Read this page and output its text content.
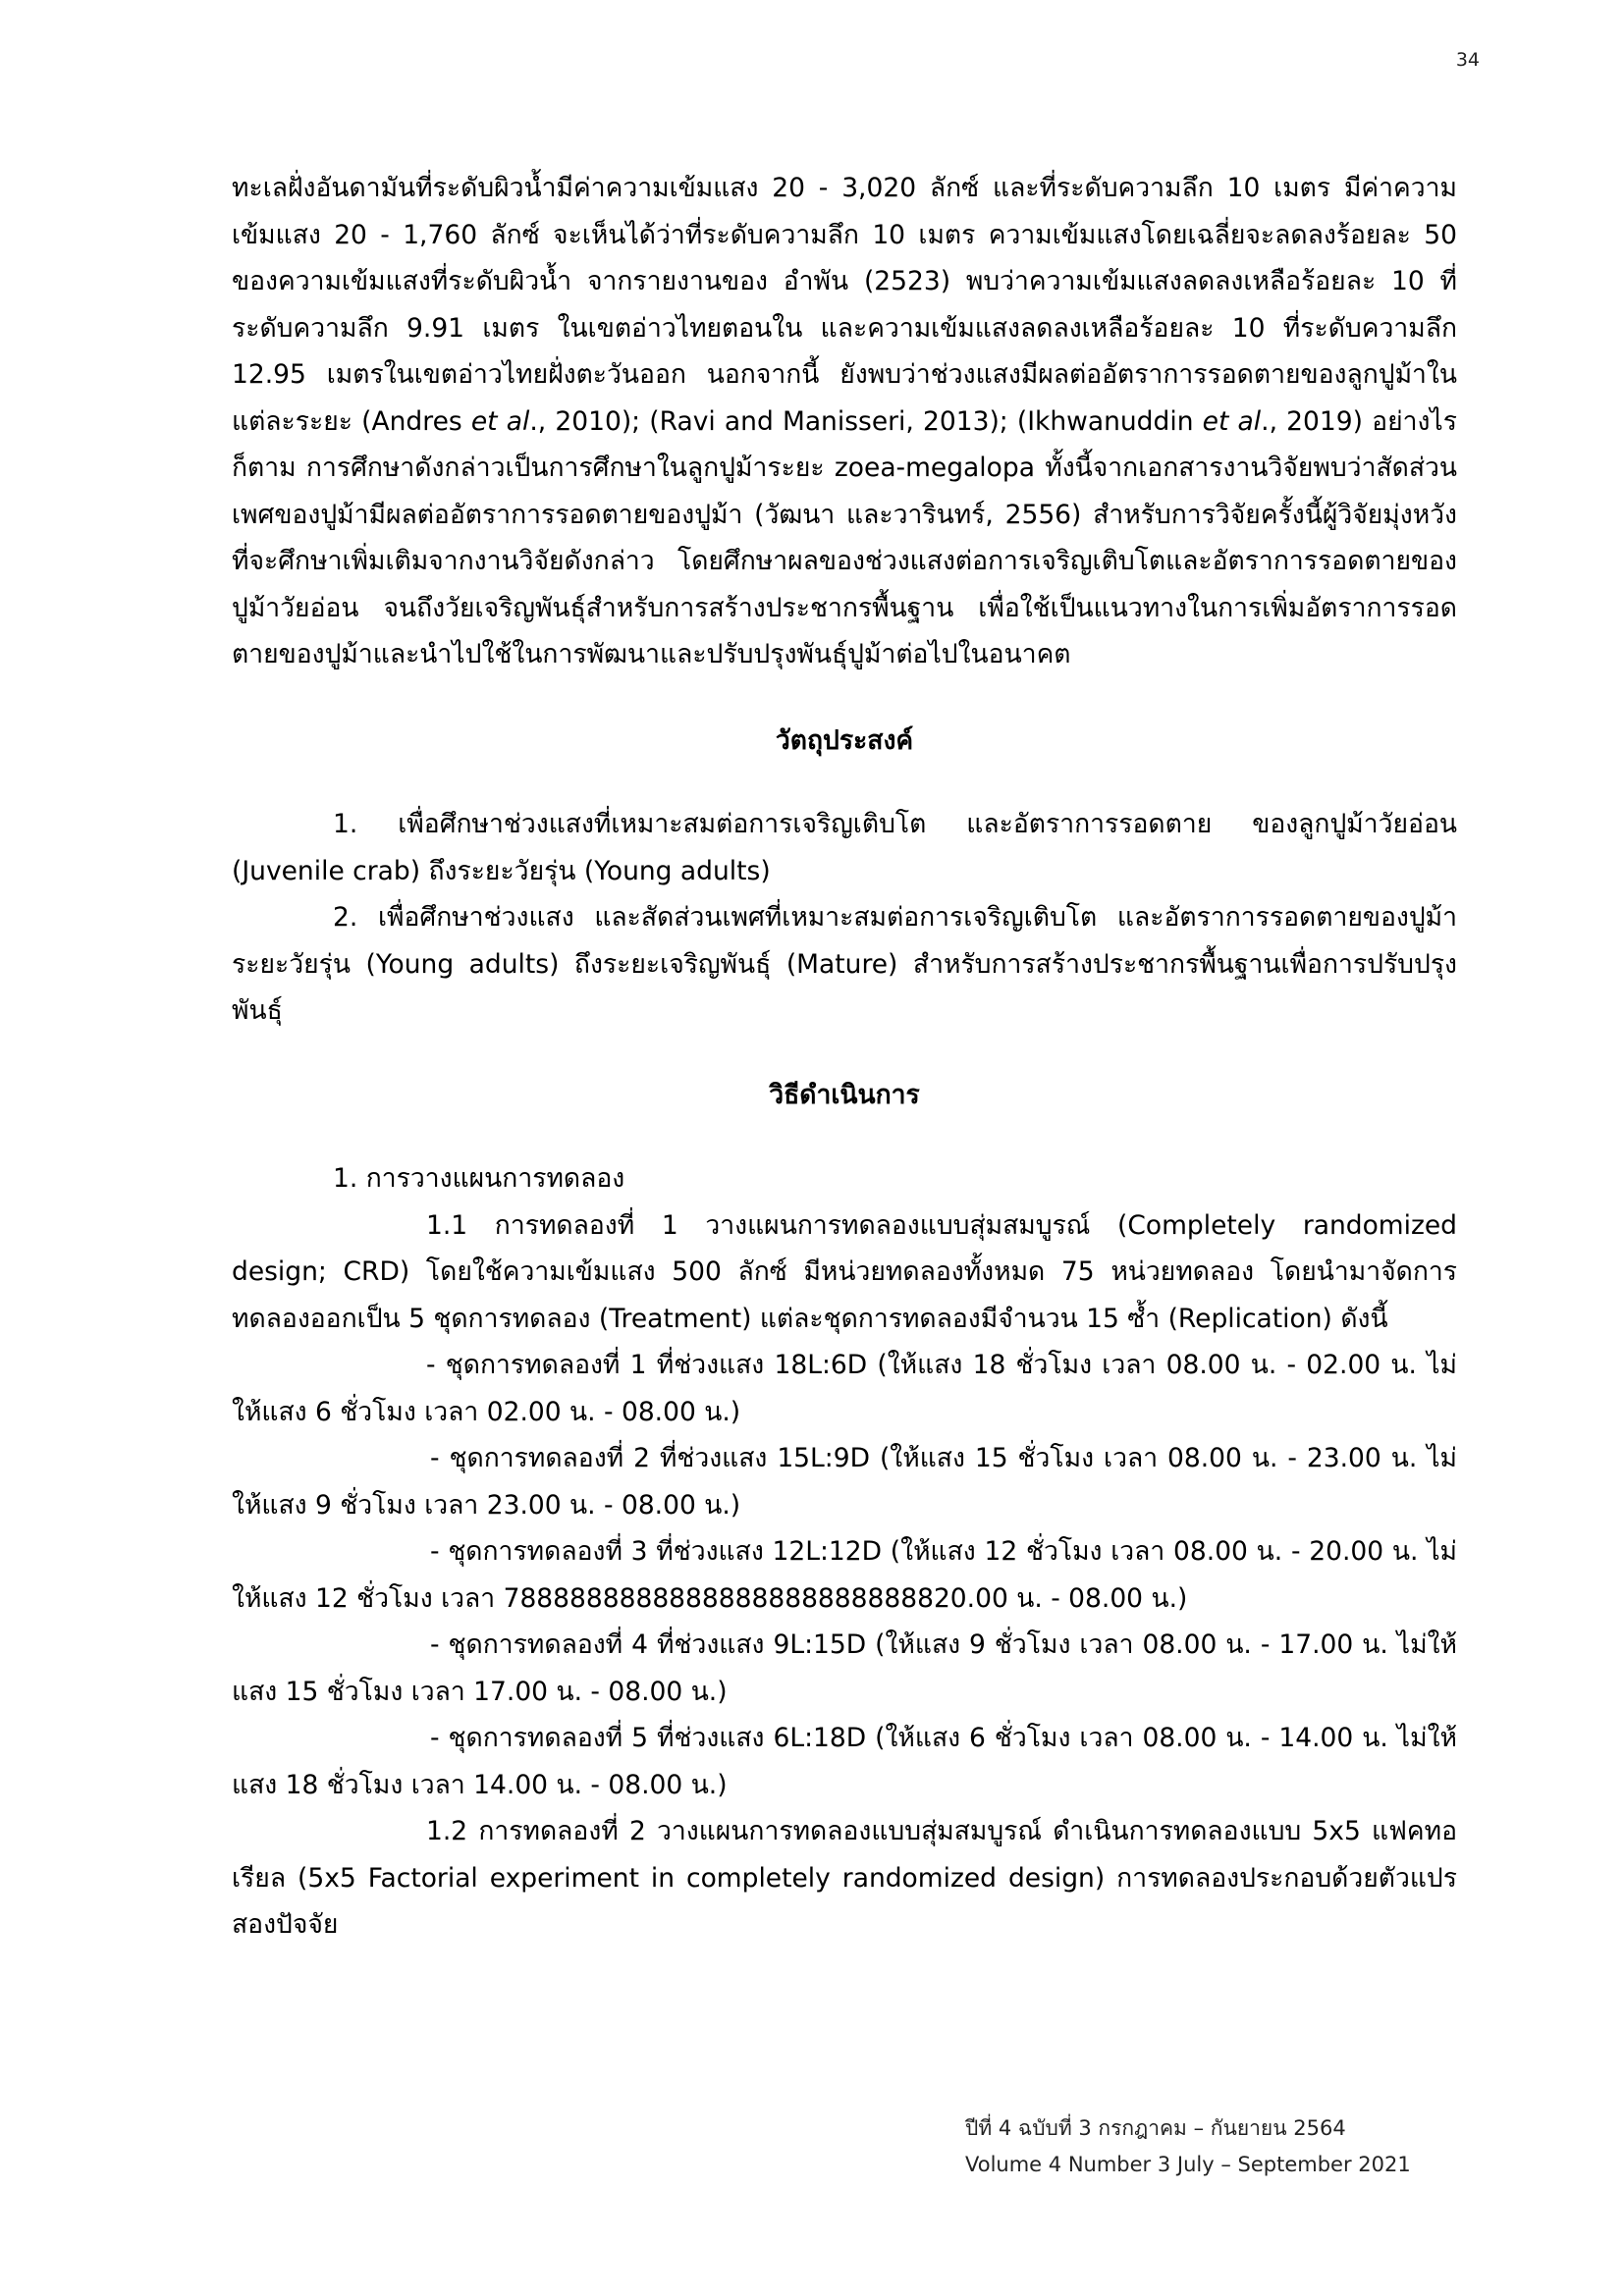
34

ทะเลฝั่งอันดามันที่ระดับผิวน้ำมีค่าความเข้มแสง 20 - 3,020 ลักซ์ และที่ระดับความลึก 10 เมตร มีค่าความเข้มแสง 20 - 1,760 ลักซ์ จะเห็นได้ว่าที่ระดับความลึก 10 เมตร ความเข้มแสงโดยเฉลี่ยจะลดลงร้อยละ 50 ของความเข้มแสงที่ระดับผิวน้ำ จากรายงานของ อำพัน (2523) พบว่าความเข้มแสงลดลงเหลือร้อยละ 10 ที่ระดับความลึก 9.91 เมตร ในเขตอ่าวไทยตอนใน และความเข้มแสงลดลงเหลือร้อยละ 10 ที่ระดับความลึก 12.95 เมตรในเขตอ่าวไทยฝั่งตะวันออก นอกจากนี้ ยังพบว่าช่วงแสงมีผลต่ออัตราการรอดตายของลูกปูม้าในแต่ละระยะ (Andres et al., 2010); (Ravi and Manisseri, 2013); (Ikhwanuddin et al., 2019) อย่างไรก็ตาม การศึกษาดังกล่าวเป็นการศึกษาในลูกปูม้าระยะ zoea-megalopa ทั้งนี้จากเอกสารงานวิจัยพบว่าสัดส่วนเพศของปูม้ามีผลต่ออัตราการรอดตายของปูม้า (วัฒนา และวารินทร์, 2556) สำหรับการวิจัยครั้งนี้ผู้วิจัยมุ่งหวังที่จะศึกษาเพิ่มเติมจากงานวิจัยดังกล่าว โดยศึกษาผลของช่วงแสงต่อการเจริญเติบโตและอัตราการรอดตายของปูม้าวัยอ่อน จนถึงวัยเจริญพันธุ์สำหรับการสร้างประชากรพื้นฐาน เพื่อใช้เป็นแนวทางในการเพิ่มอัตราการรอดตายของปูม้าและนำไปใช้ในการพัฒนาและปรับปรุงพันธุ์ปูม้าต่อไปในอนาคต

วัตถุประสงค์

1. เพื่อศึกษาช่วงแสงที่เหมาะสมต่อการเจริญเติบโต และอัตราการรอดตาย ของลูกปูม้าวัยอ่อน (Juvenile crab) ถึงระยะวัยรุ่น (Young adults)

2. เพื่อศึกษาช่วงแสง และสัดส่วนเพศที่เหมาะสมต่อการเจริญเติบโต และอัตราการรอดตายของปูม้าระยะวัยรุ่น (Young adults) ถึงระยะเจริญพันธุ์ (Mature) สำหรับการสร้างประชากรพื้นฐานเพื่อการปรับปรุงพันธุ์

วิธีดำเนินการ

1. การวางแผนการทดลอง

1.1 การทดลองที่ 1 วางแผนการทดลองแบบสุ่มสมบูรณ์ (Completely randomized design; CRD) โดยใช้ความเข้มแสง 500 ลักซ์ มีหน่วยทดลองทั้งหมด 75 หน่วยทดลอง โดยนำมาจัดการทดลองออกเป็น 5 ชุดการทดลอง (Treatment) แต่ละชุดการทดลองมีจำนวน 15 ซ้ำ (Replication) ดังนี้

- ชุดการทดลองที่ 1 ที่ช่วงแสง 18L:6D (ให้แสง 18 ชั่วโมง เวลา 08.00 น. - 02.00 น. ไม่ให้แสง 6 ชั่วโมง เวลา 02.00 น. - 08.00 น.)

- ชุดการทดลองที่ 2 ที่ช่วงแสง 15L:9D (ให้แสง 15 ชั่วโมง เวลา 08.00 น. - 23.00 น. ไม่ให้แสง 9 ชั่วโมง เวลา 23.00 น. - 08.00 น.)

- ชุดการทดลองที่ 3 ที่ช่วงแสง 12L:12D (ให้แสง 12 ชั่วโมง เวลา 08.00 น. - 20.00 น. ไม่ให้แสง 12 ชั่วโมง เวลา 7888888888888888888888888820.00 น. - 08.00 น.)

- ชุดการทดลองที่ 4 ที่ช่วงแสง 9L:15D (ให้แสง 9 ชั่วโมง เวลา 08.00 น. - 17.00 น. ไม่ให้แสง 15 ชั่วโมง เวลา 17.00 น. - 08.00 น.)

- ชุดการทดลองที่ 5 ที่ช่วงแสง 6L:18D (ให้แสง 6 ชั่วโมง เวลา 08.00 น. - 14.00 น. ไม่ให้แสง 18 ชั่วโมง เวลา 14.00 น. - 08.00 น.)

1.2 การทดลองที่ 2 วางแผนการทดลองแบบสุ่มสมบูรณ์ ดำเนินการทดลองแบบ 5x5 แฟคทอเรียล (5x5 Factorial experiment in completely randomized design) การทดลองประกอบด้วยตัวแปรสองปัจจัย

ปีที่ 4 ฉบับที่ 3 กรกฎาคม – กันยายน 2564
Volume 4 Number 3 July – September 2021
